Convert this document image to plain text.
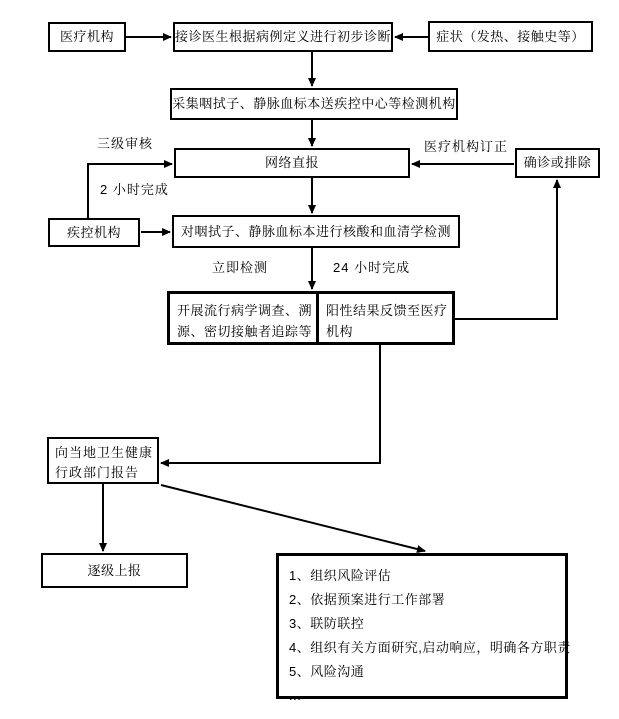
医疗机构	接诊医生根据病例定义进行初步诊断	症状（发热、接触史等）
采集咽拭子、静脉血标本送疾控中心等检测机构
网络直报	确诊或排除
疾控机构	对咽拭子、静脉血标本进行核酸和血清学检测
开展流行病学调查、溯源、密切接触者追踪等
阳性结果反馈至医疗机构
向当地卫生健康行政部门报告
逐级上报	1、组织风险评估
2、依据预案进行工作部署
3、联防联控
4、组织有关方面研究,启动响应，明确各方职责
5、风险沟通
...
三级审核
2 小时完成
医疗机构订正
立即检测	24 小时完成
